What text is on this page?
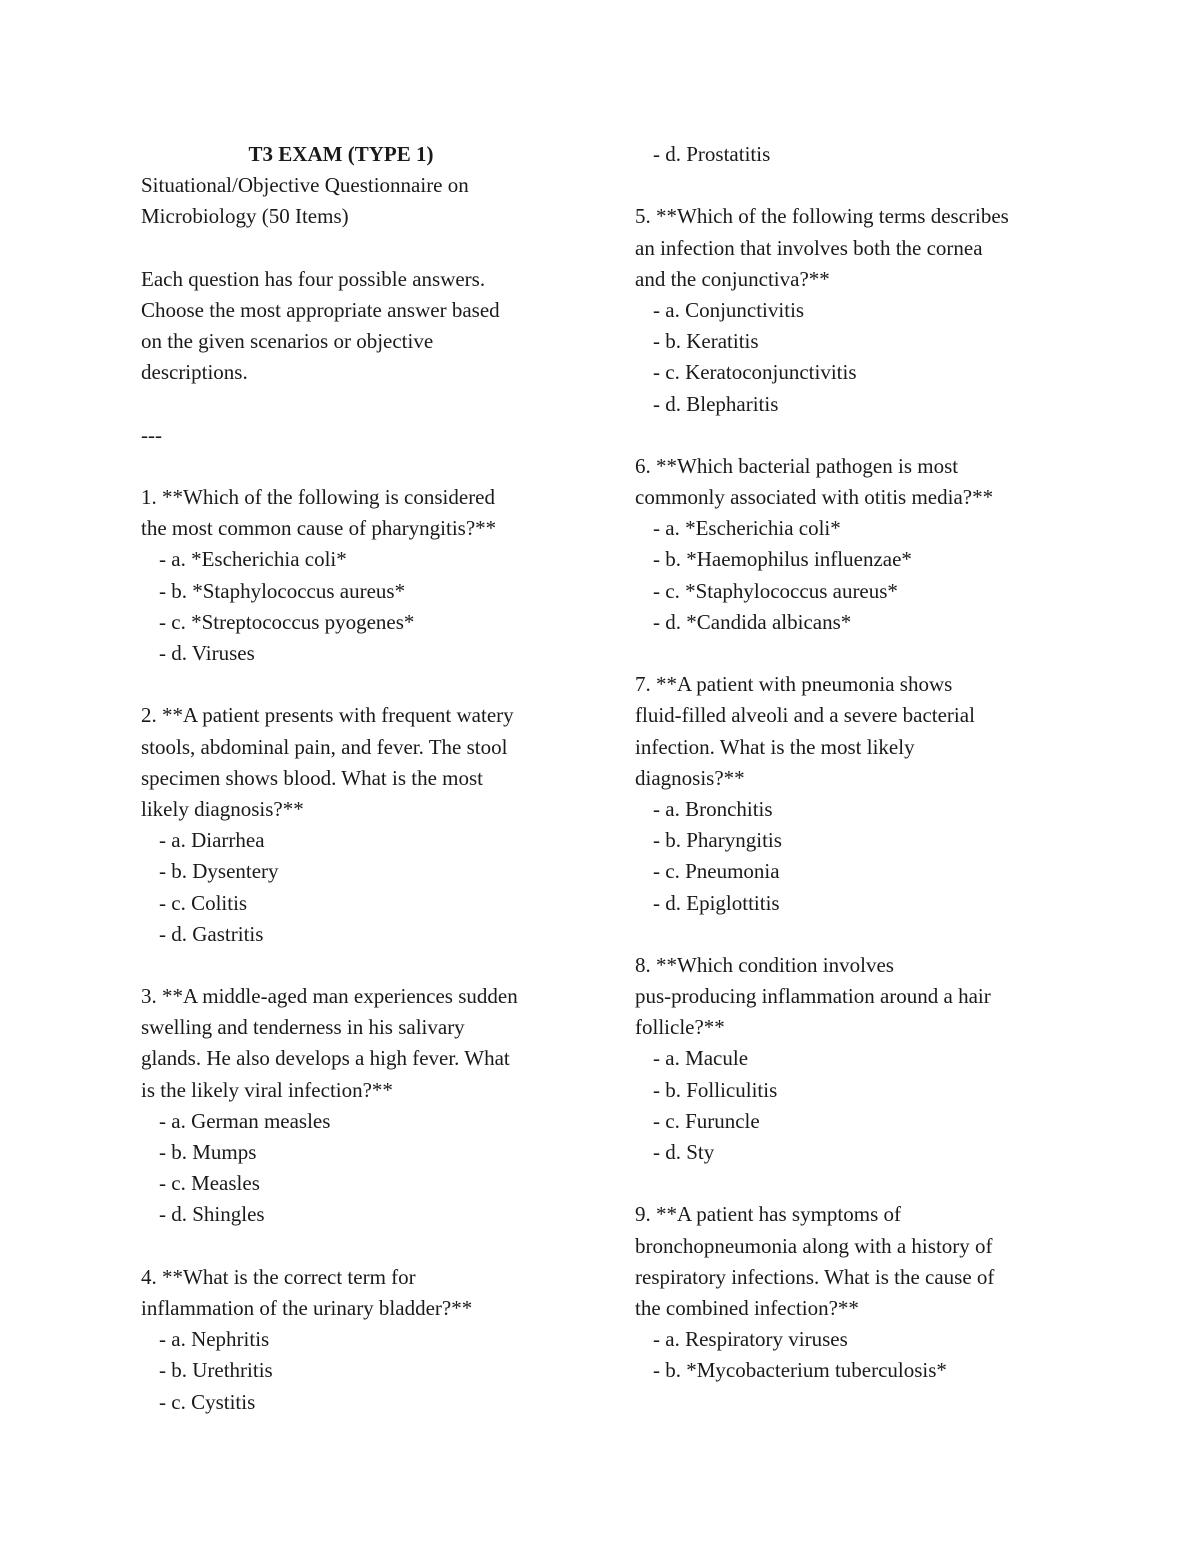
T3 EXAM (TYPE 1)
Situational/Objective Questionnaire on
Microbiology (50 Items)
Each question has four possible answers.
Choose the most appropriate answer based
on the given scenarios or objective
descriptions.
---
1. **Which of the following is considered
the most common cause of pharyngitis?**
- a. *Escherichia coli*
- b. *Staphylococcus aureus*
- c. *Streptococcus pyogenes*
- d. Viruses
2. **A patient presents with frequent watery
stools, abdominal pain, and fever. The stool
specimen shows blood. What is the most
likely diagnosis?**
- a. Diarrhea
- b. Dysentery
- c. Colitis
- d. Gastritis
3. **A middle-aged man experiences sudden
swelling and tenderness in his salivary
glands. He also develops a high fever. What
is the likely viral infection?**
- a. German measles
- b. Mumps
- c. Measles
- d. Shingles
4. **What is the correct term for
inflammation of the urinary bladder?**
- a. Nephritis
- b. Urethritis
- c. Cystitis
- d. Prostatitis
5. **Which of the following terms describes
an infection that involves both the cornea
and the conjunctiva?**
- a. Conjunctivitis
- b. Keratitis
- c. Keratoconjunctivitis
- d. Blepharitis
6. **Which bacterial pathogen is most
commonly associated with otitis media?**
- a. *Escherichia coli*
- b. *Haemophilus influenzae*
- c. *Staphylococcus aureus*
- d. *Candida albicans*
7. **A patient with pneumonia shows
fluid-filled alveoli and a severe bacterial
infection. What is the most likely
diagnosis?**
- a. Bronchitis
- b. Pharyngitis
- c. Pneumonia
- d. Epiglottitis
8. **Which condition involves
pus-producing inflammation around a hair
follicle?**
- a. Macule
- b. Folliculitis
- c. Furuncle
- d. Sty
9. **A patient has symptoms of
bronchopneumonia along with a history of
respiratory infections. What is the cause of
the combined infection?**
- a. Respiratory viruses
- b. *Mycobacterium tuberculosis*
